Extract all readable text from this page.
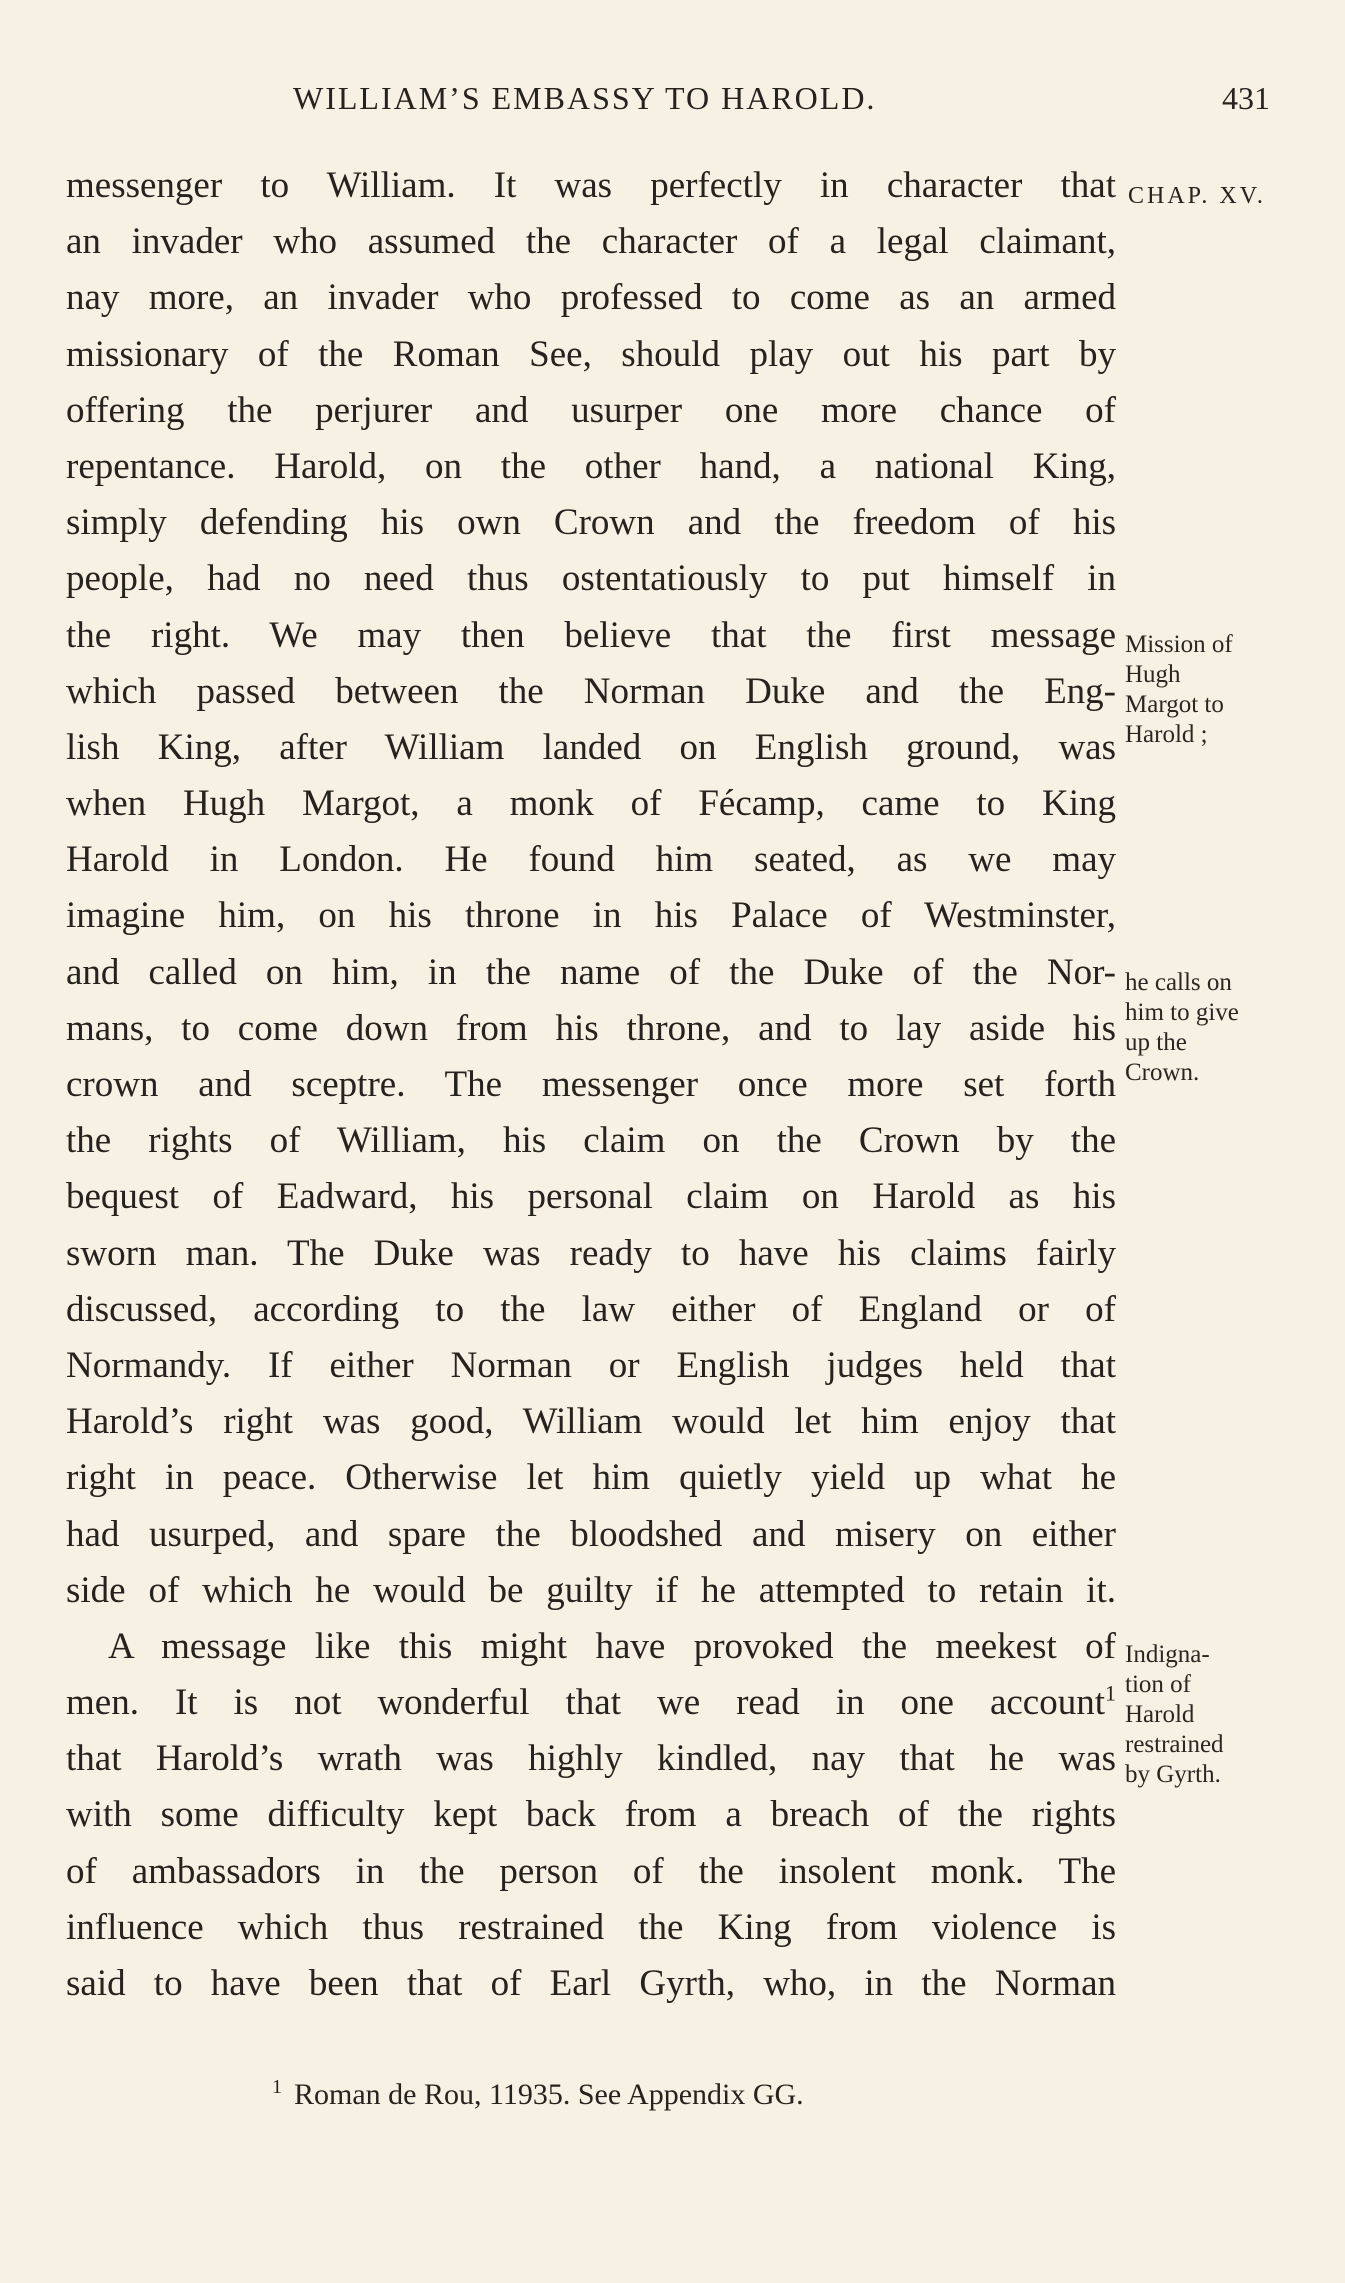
WILLIAM’S EMBASSY TO HAROLD.	431
CHAP. XV.
messenger to William. It was perfectly in character that
an invader who assumed the character of a legal claimant,
nay more, an invader who professed to come as an armed
missionary of the Roman See, should play out his part by
offering the perjurer and usurper one more chance of
repentance. Harold, on the other hand, a national King,
simply defending his own Crown and the freedom of his
people, had no need thus ostentatiously to put himself in
the right. We may then believe that the first message
which passed between the Norman Duke and the Eng-
lish King, after William landed on English ground, was
when Hugh Margot, a monk of Fécamp, came to King
Harold in London. He found him seated, as we may
imagine him, on his throne in his Palace of Westminster,
and called on him, in the name of the Duke of the Nor-
mans, to come down from his throne, and to lay aside his
crown and sceptre. The messenger once more set forth
the rights of William, his claim on the Crown by the
bequest of Eadward, his personal claim on Harold as his
sworn man. The Duke was ready to have his claims fairly
discussed, according to the law either of England or of
Normandy. If either Norman or English judges held that
Harold’s right was good, William would let him enjoy that
right in peace. Otherwise let him quietly yield up what he
had usurped, and spare the bloodshed and misery on either
side of which he would be guilty if he attempted to retain it.
A message like this might have provoked the meekest of
men. It is not wonderful that we read in one account$^1$
that Harold’s wrath was highly kindled, nay that he was
with some difficulty kept back from a breach of the rights
of ambassadors in the person of the insolent monk. The
influence which thus restrained the King from violence is
said to have been that of Earl Gyrth, who, in the Norman
Mission of
Hugh
Margot to
Harold ;
he calls on
him to give
up the
Crown.
Indigna-
tion of
Harold
restrained
by Gyrth.
$^1$ Roman de Rou, 11935. See Appendix GG.
